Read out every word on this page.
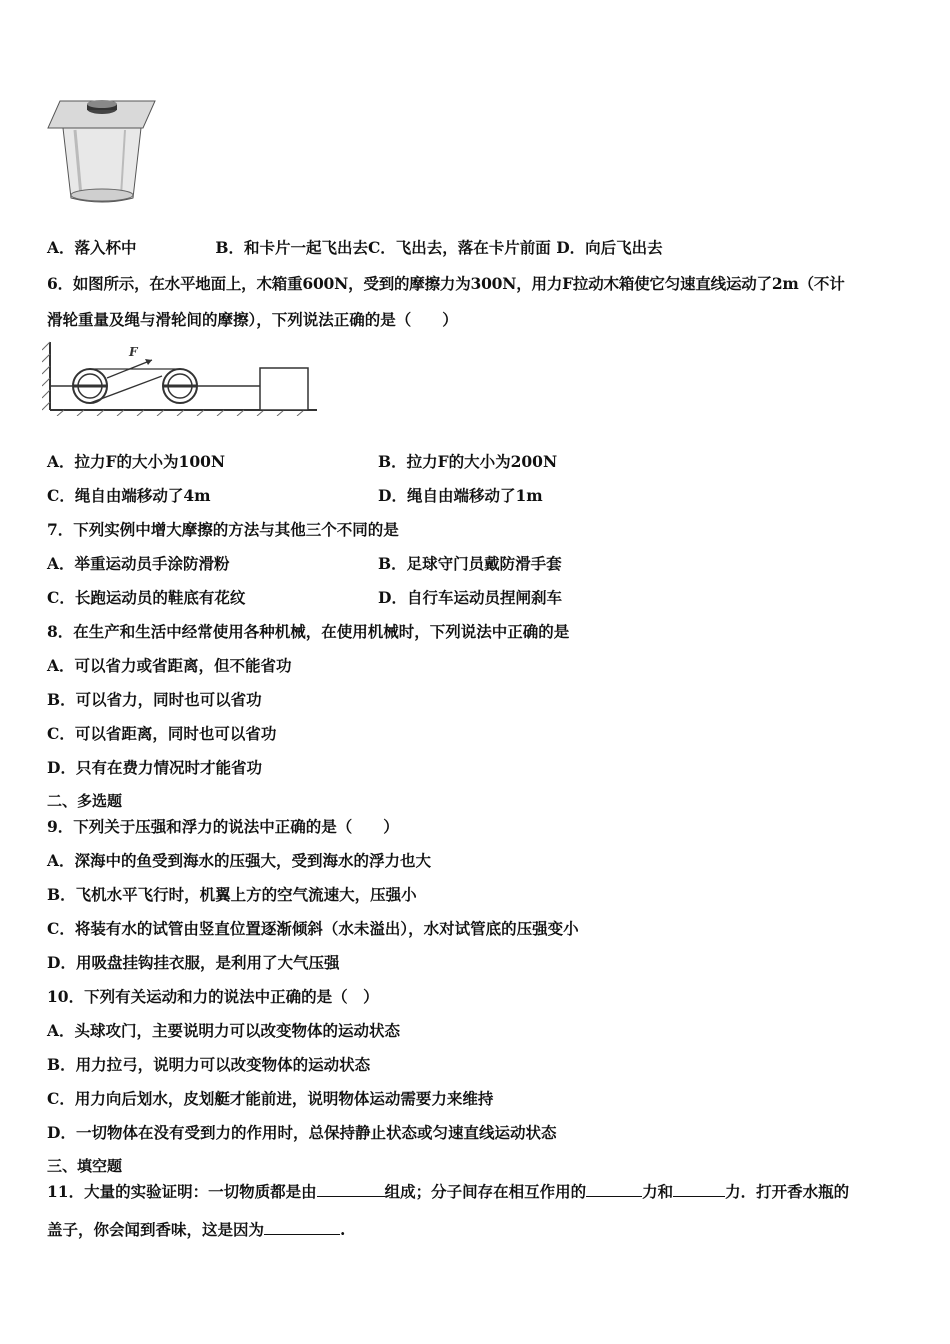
A．落入杯中	B．和卡片一起飞出去C．飞出去，落在卡片前面 D．向后飞出去
6．如图所示，在水平地面上，木箱重600N，受到的摩擦力为300N，用力F拉动木箱使它匀速直线运动了2m（不计
滑轮重量及绳与滑轮间的摩擦），下列说法正确的是（　　）
F
A．拉力F的大小为100N	B．拉力F的大小为200N
C．绳自由端移动了4m	D．绳自由端移动了1m
7．下列实例中增大摩擦的方法与其他三个不同的是
A．举重运动员手涂防滑粉	B．足球守门员戴防滑手套
C．长跑运动员的鞋底有花纹	D．自行车运动员捏闸刹车
8．在生产和生活中经常使用各种机械，在使用机械时，下列说法中正确的是
A．可以省力或省距离，但不能省功
B．可以省力，同时也可以省功
C．可以省距离，同时也可以省功
D．只有在费力情况时才能省功
二、多选题
9．下列关于压强和浮力的说法中正确的是（　　）
A．深海中的鱼受到海水的压强大，受到海水的浮力也大
B．飞机水平飞行时，机翼上方的空气流速大，压强小
C．将装有水的试管由竖直位置逐渐倾斜（水未溢出），水对试管底的压强变小
D．用吸盘挂钩挂衣服，是利用了大气压强
10．下列有关运动和力的说法中正确的是（　）
A．头球攻门，主要说明力可以改变物体的运动状态
B．用力拉弓，说明力可以改变物体的运动状态
C．用力向后划水，皮划艇才能前进，说明物体运动需要力来维持
D．一切物体在没有受到力的作用时，总保持静止状态或匀速直线运动状态
三、填空题
11．大量的实验证明：一切物质都是由	组成；分子间存在相互作用的	力和	力．打开香水瓶的
盖子，你会闻到香味，这是因为	.
